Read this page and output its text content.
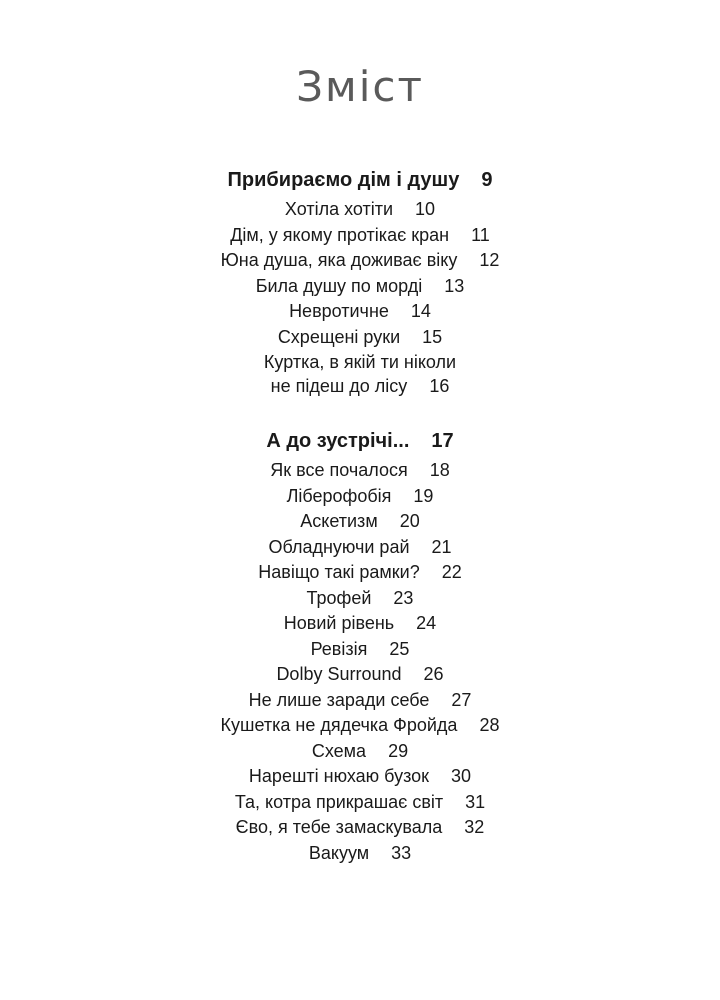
Зміст
Прибираємо дім і душу 9
Хотіла хотіти 10
Дім, у якому протікає кран 11
Юна душа, яка доживає віку 12
Била душу по морді 13
Невротичне 14
Схрещені руки 15
Куртка, в якій ти ніколи
не підеш до лісу 16
А до зустрічі... 17
Як все почалося 18
Ліберофобія 19
Аскетизм 20
Обладнуючи рай 21
Навіщо такі рамки? 22
Трофей 23
Новий рівень 24
Ревізія 25
Dolby Surround 26
Не лише заради себе 27
Кушетка не дядечка Фройда 28
Схема 29
Нарешті нюхаю бузок 30
Та, котра прикрашає світ 31
Єво, я тебе замаскувала 32
Вакуум 33
